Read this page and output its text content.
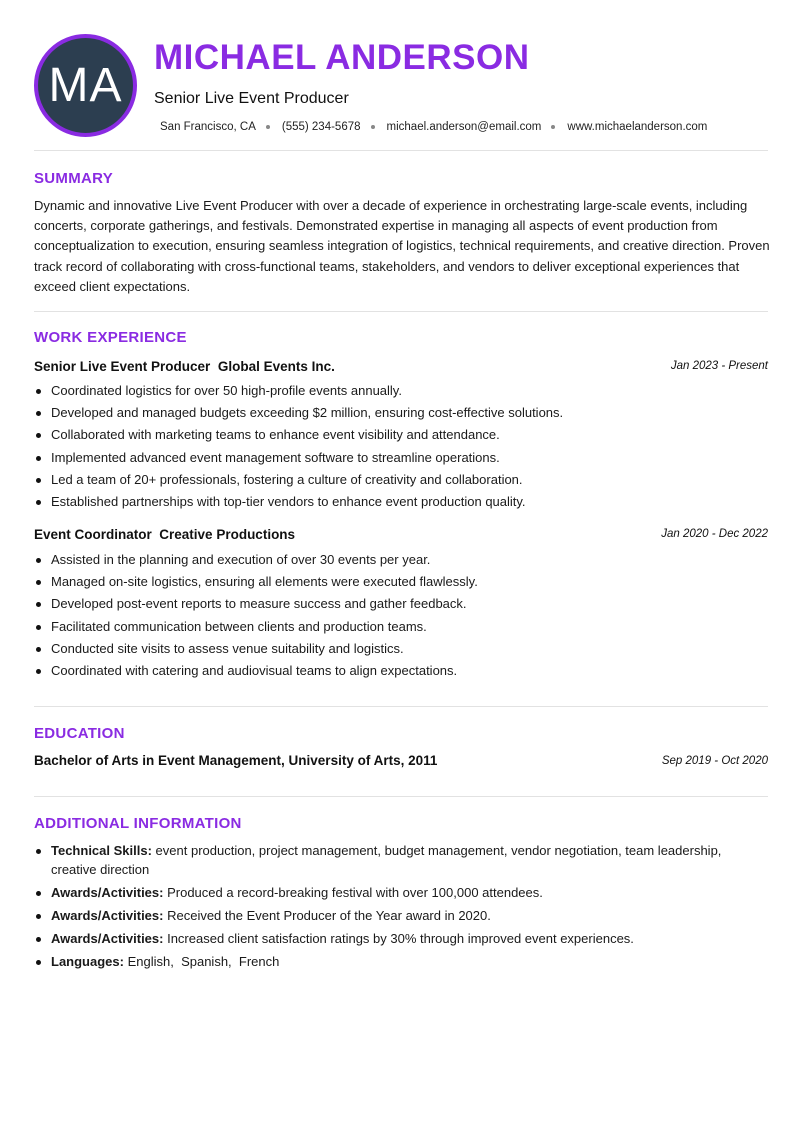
MA
MICHAEL ANDERSON
Senior Live Event Producer
San Francisco, CA (555) 234-5678 michael.anderson@email.com www.michaelanderson.com
SUMMARY

Dynamic and innovative Live Event Producer with over a decade of experience in orchestrating large-scale events, including concerts, corporate gatherings, and festivals. Demonstrated expertise in managing all aspects of event production from conceptualization to execution, ensuring seamless integration of logistics, technical requirements, and creative direction. Proven track record of collaborating with cross-functional teams, stakeholders, and vendors to deliver exceptional experiences that exceed client expectations.

WORK EXPERIENCE
Senior Live Event Producer Global Events Inc.	Jan 2023 - Present
Coordinated logistics for over 50 high-profile events annually.
Developed and managed budgets exceeding $2 million, ensuring cost-effective solutions.
Collaborated with marketing teams to enhance event visibility and attendance.
Implemented advanced event management software to streamline operations.
Led a team of 20+ professionals, fostering a culture of creativity and collaboration.
Established partnerships with top-tier vendors to enhance event production quality.
Event Coordinator Creative Productions	Jan 2020 - Dec 2022
Assisted in the planning and execution of over 30 events per year.
Managed on-site logistics, ensuring all elements were executed flawlessly.
Developed post-event reports to measure success and gather feedback.
Facilitated communication between clients and production teams.
Conducted site visits to assess venue suitability and logistics.
Coordinated with catering and audiovisual teams to align expectations.
EDUCATION
Bachelor of Arts in Event Management, University of Arts, 2011	Sep 2019 - Oct 2020
ADDITIONAL INFORMATION
Technical Skills: event production, project management, budget management, vendor negotiation, team leadership, creative direction
Awards/Activities: Produced a record-breaking festival with over 100,000 attendees.
Awards/Activities: Received the Event Producer of the Year award in 2020.
Awards/Activities: Increased client satisfaction ratings by 30% through improved event experiences.
Languages: English,  Spanish,  French
